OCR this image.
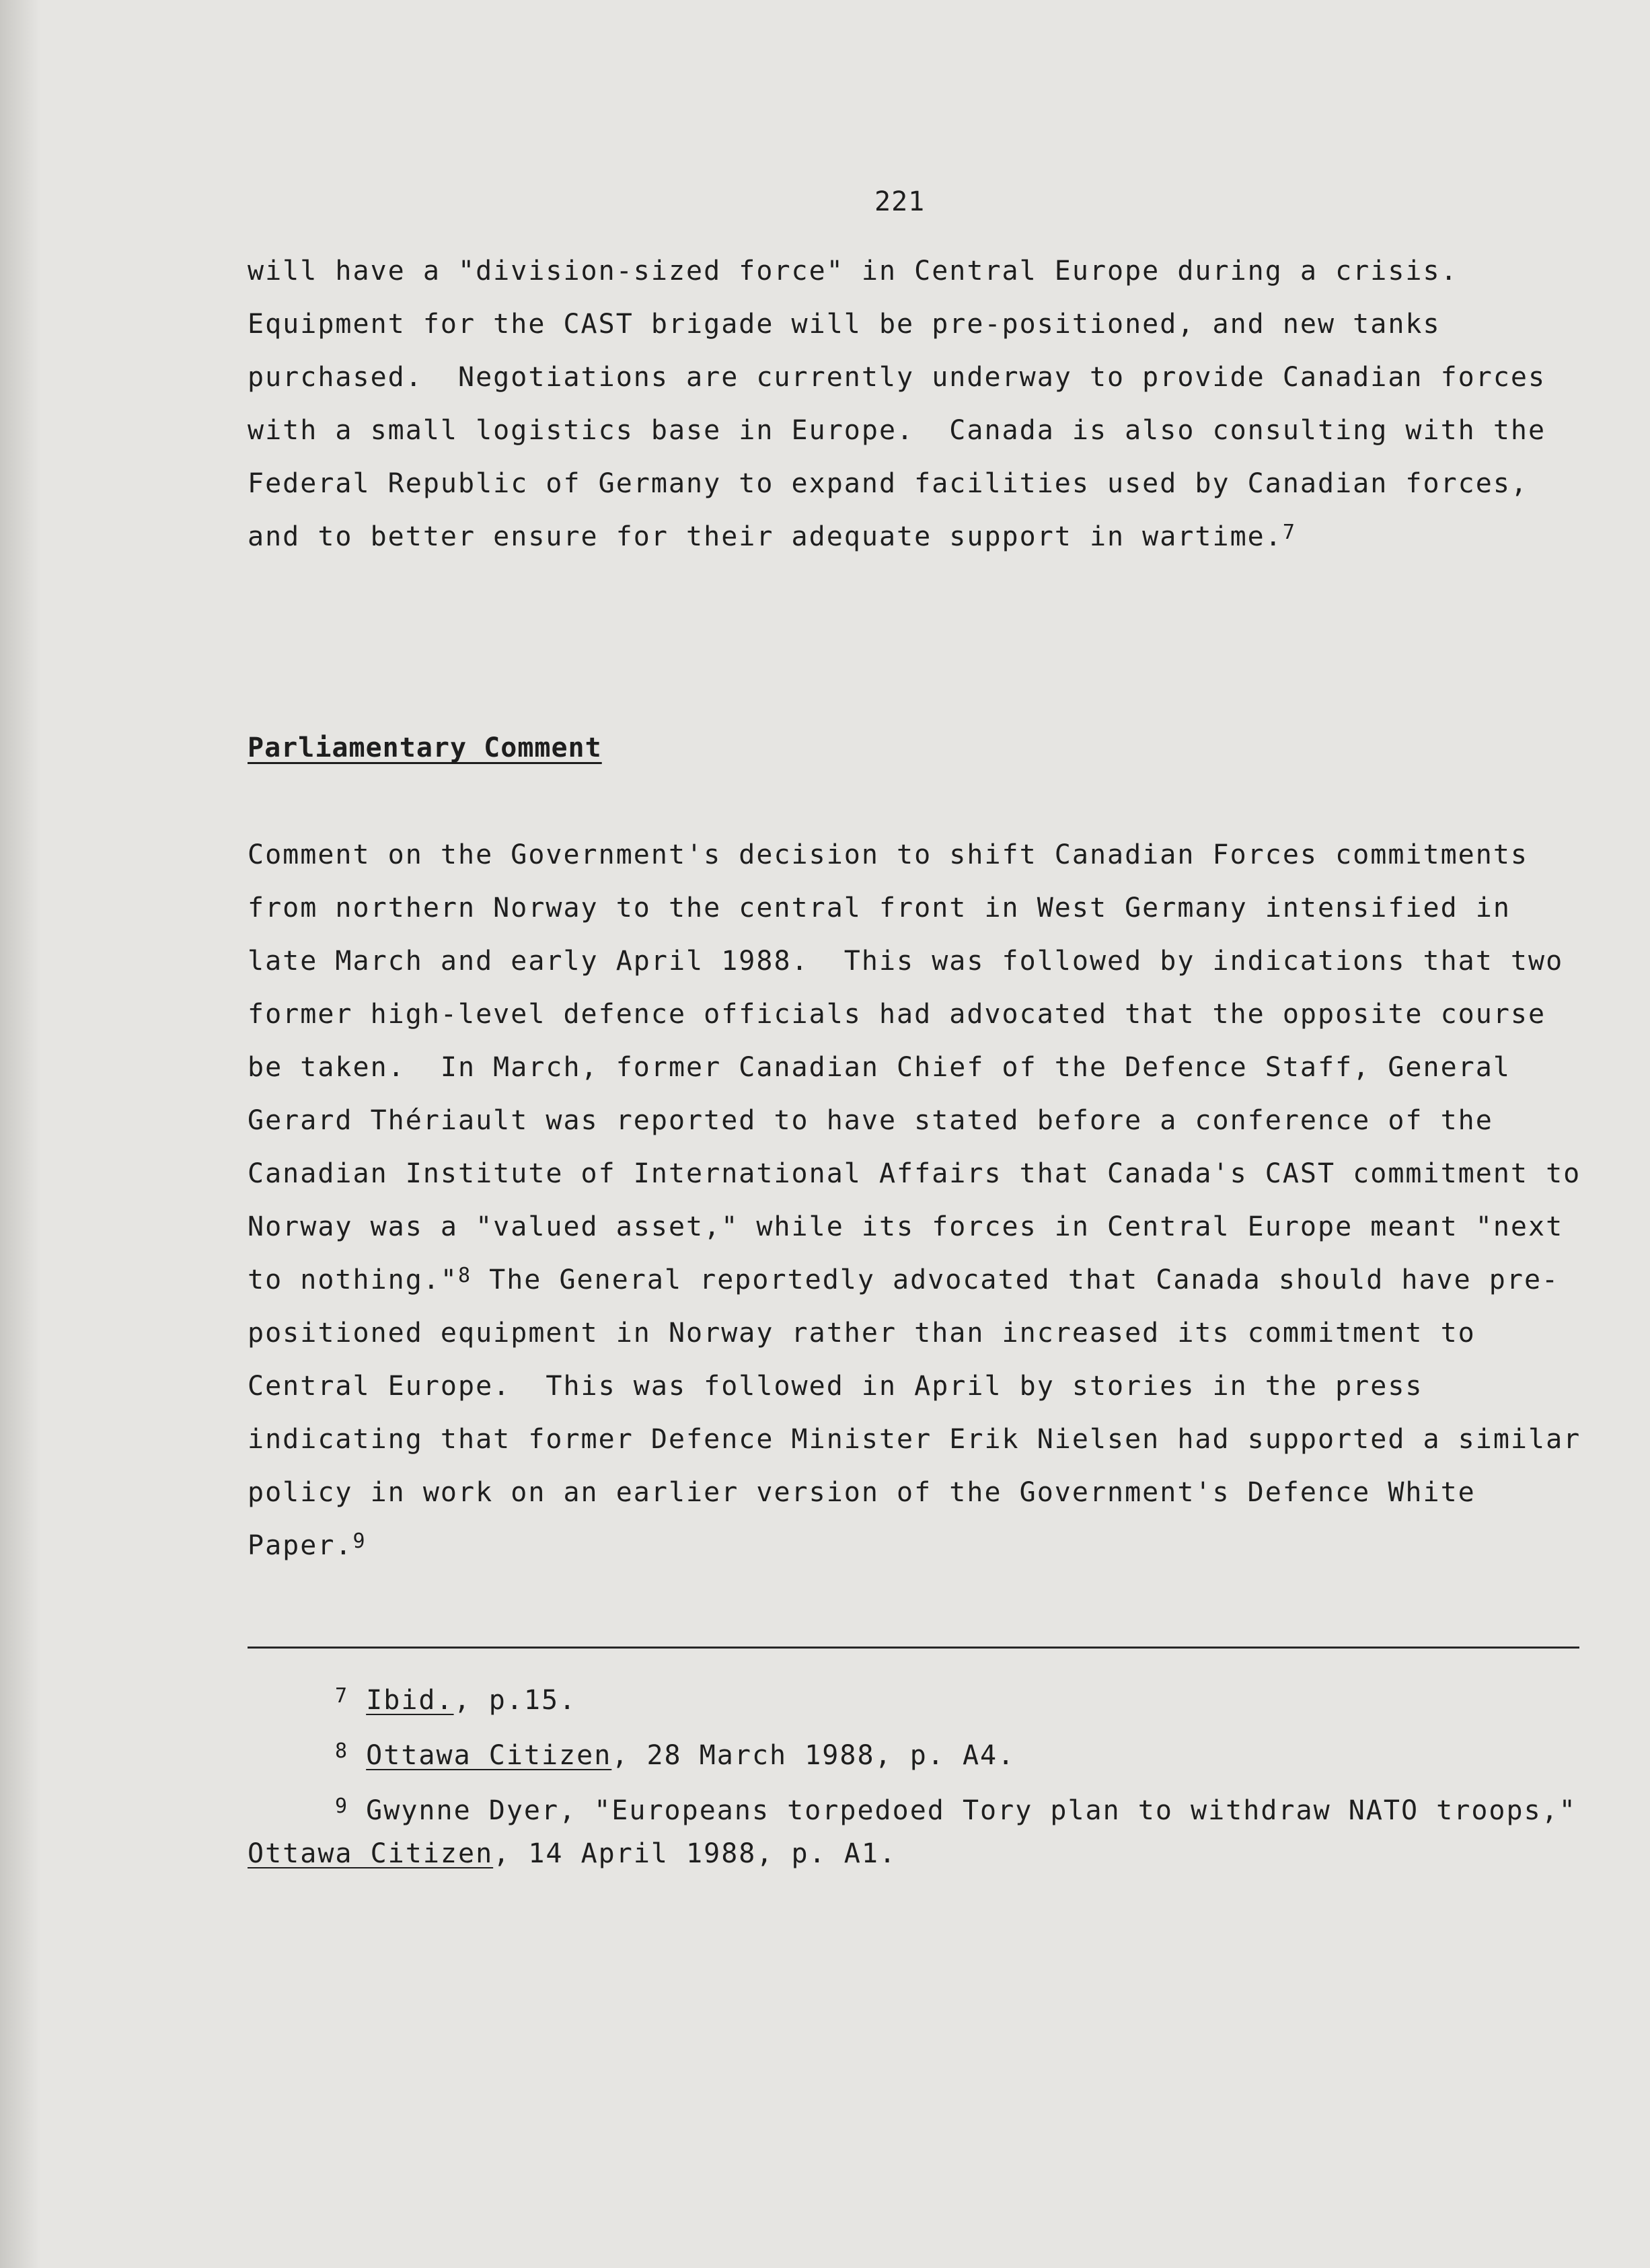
221
will have a "division-sized force" in Central Europe during a crisis.
Equipment for the CAST brigade will be pre-positioned, and new tanks
purchased.  Negotiations are currently underway to provide Canadian forces
with a small logistics base in Europe.  Canada is also consulting with the
Federal Republic of Germany to expand facilities used by Canadian forces,
and to better ensure for their adequate support in wartime.$^7$
Parliamentary Comment
Comment on the Government's decision to shift Canadian Forces commitments
from northern Norway to the central front in West Germany intensified in
late March and early April 1988.  This was followed by indications that two
former high-level defence officials had advocated that the opposite course
be taken.  In March, former Canadian Chief of the Defence Staff, General
Gerard Thériault was reported to have stated before a conference of the
Canadian Institute of International Affairs that Canada's CAST commitment to
Norway was a "valued asset," while its forces in Central Europe meant "next
to nothing."$^8$ The General reportedly advocated that Canada should have pre-
positioned equipment in Norway rather than increased its commitment to
Central Europe.  This was followed in April by stories in the press
indicating that former Defence Minister Erik Nielsen had supported a similar
policy in work on an earlier version of the Government's Defence White
Paper.$^9$
$^7$ Ibid., p.15.
$^8$ Ottawa Citizen, 28 March 1988, p. A4.
$^9$ Gwynne Dyer, "Europeans torpedoed Tory plan to withdraw NATO troops,"
Ottawa Citizen, 14 April 1988, p. A1.
